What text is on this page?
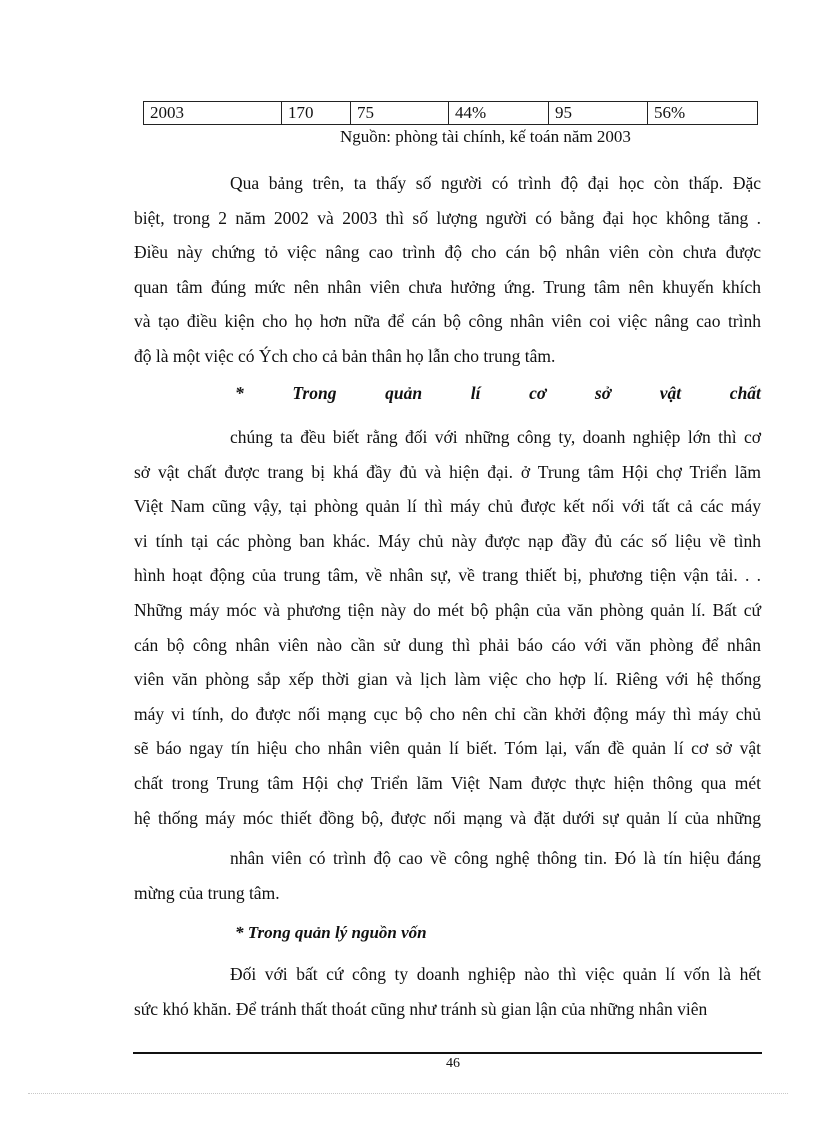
2003	170	75	44%	95	56%
Nguồn: phòng tài chính, kế toán năm 2003
Qua bảng trên, ta thấy số người có trình độ đại học còn thấp. Đặc
biệt, trong 2 năm 2002 và 2003 thì số lượng người có bằng đại học không tăng .
Điều này chứng tỏ việc nâng cao trình độ cho cán bộ nhân viên còn chưa được
quan tâm đúng mức nên nhân viên chưa hưởng ứng. Trung tâm nên khuyến khích
và tạo điều kiện cho họ hơn nữa để cán bộ công nhân viên coi việc nâng cao trình
độ là một việc có Ých cho cả bản thân họ lẫn cho trung tâm.
*	Trong	quản	lí	cơ	sở	vật	chất
chúng ta đều biết rằng đối với những công ty, doanh nghiệp lớn thì cơ
sở vật chất được trang bị khá đầy đủ và hiện đại. ở Trung tâm Hội chợ Triển lãm
Việt Nam cũng vậy, tại phòng quản lí thì máy chủ được kết nối với tất cả các máy
vi tính tại các phòng ban khác. Máy chủ này được nạp đầy đủ các số liệu về tình
hình hoạt động của trung tâm, về nhân sự, về trang thiết bị, phương tiện vận tải. . .
Những máy móc và phương tiện này do mét bộ phận của văn phòng quản lí. Bất cứ
cán bộ công nhân viên nào cần sử dung thì phải báo cáo với văn phòng để nhân
viên văn phòng sắp xếp thời gian và lịch làm việc cho hợp lí. Riêng với hệ thống
máy vi tính, do được nối mạng cục bộ cho nên chỉ cần khởi động máy thì máy chủ
sẽ báo ngay tín hiệu cho nhân viên quản lí biết. Tóm lại, vấn đề quản lí cơ sở vật
chất trong Trung tâm Hội chợ Triển lãm Việt Nam được thực hiện thông qua mét
hệ thống máy móc thiết đồng bộ, được nối mạng và đặt dưới sự quản lí của những
nhân viên có trình độ cao về công nghệ thông tin. Đó là tín hiệu đáng
mừng của trung tâm.
* Trong quản lý nguồn vốn
Đối với bất cứ công ty doanh nghiệp nào thì việc quản lí vốn là hết
sức khó khăn. Để tránh thất thoát cũng như tránh sù gian lận của những nhân viên
46
